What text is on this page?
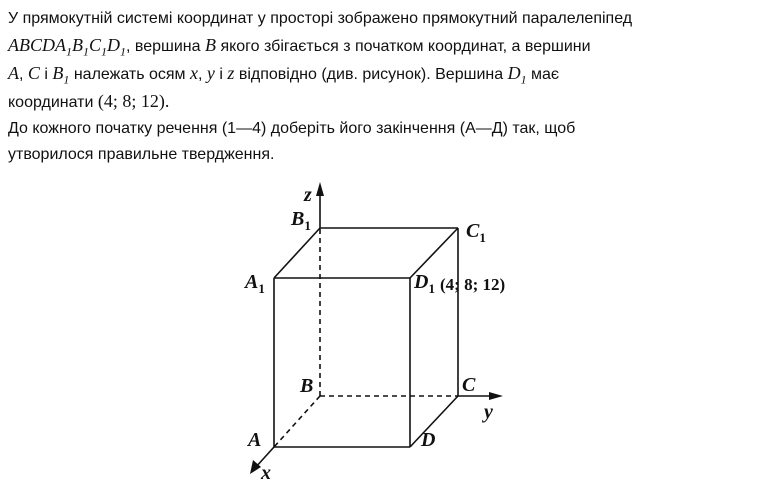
У прямокутній системі координат у просторі зображено прямокутний паралелепіпед

$ABCDA_1B_1C_1D_1$, вершина B якого збігається з початком координат, а вершини

A, C і $B_1$ належать осям x, y і z відповідно (див. рисунок). Вершина $D_1$ має

координати (4; 8; 12).

До кожного початку речення (1—4) доберіть його закінчення (А—Д) так, щоб

утворилося правильне твердження.

z
y
x
$B_1$	$C_1$
$A_1$	$D_1$ (4; 8; 12)
B	C
A	D
